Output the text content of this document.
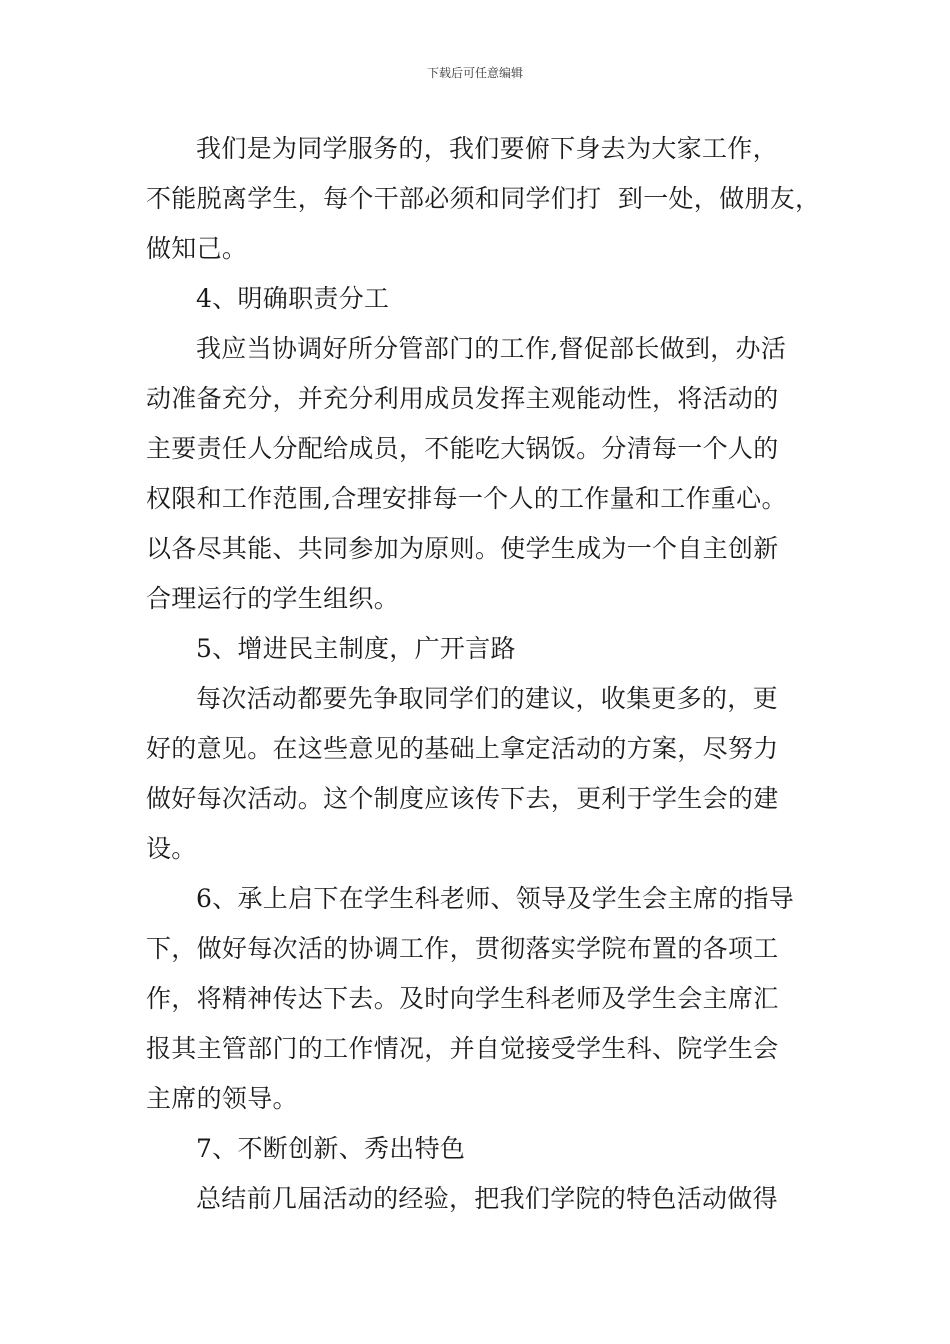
下载后可任意编辑
我们是为同学服务的，我们要俯下身去为大家工作，
不能脱离学生，每个干部必须和同学们打  到一处，做朋友，
做知己。
4、明确职责分工
我应当协调好所分管部门的工作,督促部长做到，办活
动准备充分，并充分利用成员发挥主观能动性，将活动的
主要责任人分配给成员，不能吃大锅饭。分清每一个人的
权限和工作范围,合理安排每一个人的工作量和工作重心。
以各尽其能、共同参加为原则。使学生成为一个自主创新
合理运行的学生组织。
5、增进民主制度，广开言路
每次活动都要先争取同学们的建议，收集更多的，更
好的意见。在这些意见的基础上拿定活动的方案，尽努力
做好每次活动。这个制度应该传下去，更利于学生会的建
设。
6、承上启下在学生科老师、领导及学生会主席的指导
下，做好每次活的协调工作，贯彻落实学院布置的各项工
作，将精神传达下去。及时向学生科老师及学生会主席汇
报其主管部门的工作情况，并自觉接受学生科、院学生会
主席的领导。
7、不断创新、秀出特色
总结前几届活动的经验，把我们学院的特色活动做得
